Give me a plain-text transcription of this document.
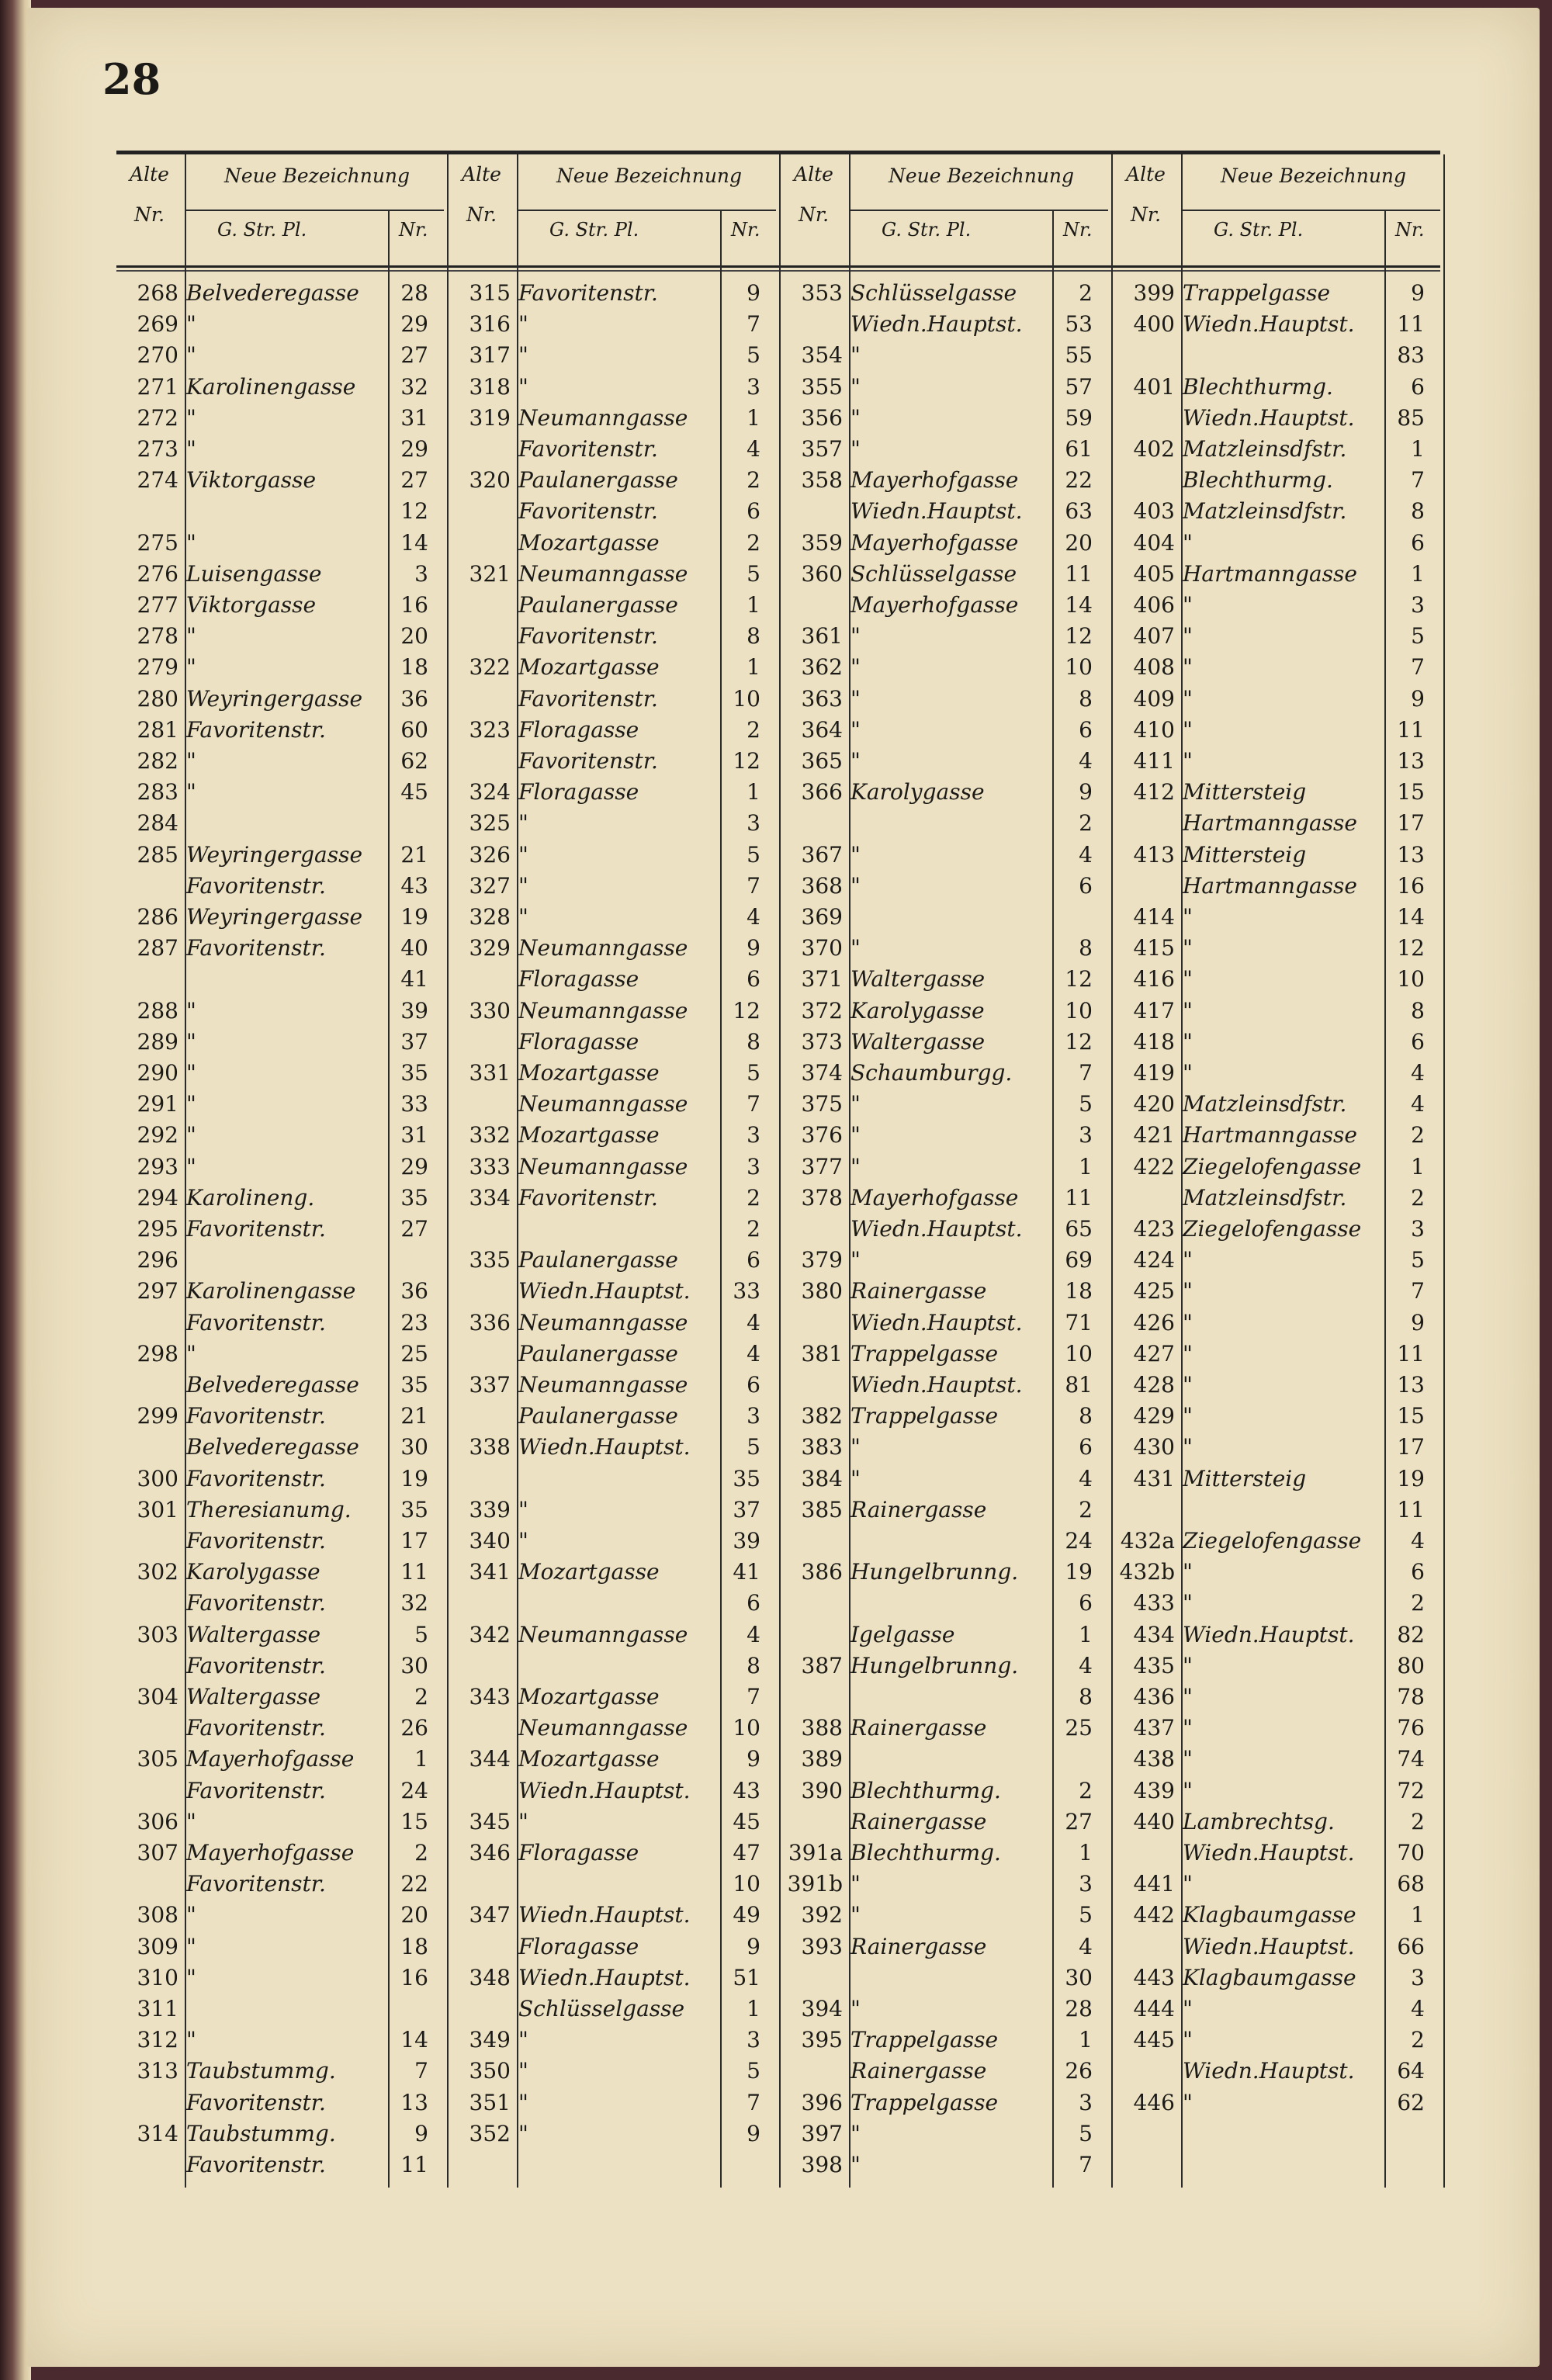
28
Alte
Nr.
Neue Bezeichnung
G. Str. Pl.	Nr.
268 Belvederegasse	28
269 "	29
270 "	27
271 Karolinengasse	32
272 "	31
273 "	29
274 Viktorgasse	27
12
275 "	14
276 Luisengasse	3
277 Viktorgasse	16
278 "	20
279 "	18
280 Weyringergasse	36
281 Favoritenstr.	60
282 "	62
283 "	45
284
285 Weyringergasse	21
Favoritenstr.	43
286 Weyringergasse	19
287 Favoritenstr.	40
41
288 "	39
289 "	37
290 "	35
291 "	33
292 "	31
293 "	29
294 Karolineng.	35
295 Favoritenstr.	27
296
297 Karolinengasse	36
Favoritenstr.	23
298 "	25
Belvederegasse	35
299 Favoritenstr.	21
Belvederegasse	30
300 Favoritenstr.	19
301 Theresianumg.	35
Favoritenstr.	17
302 Karolygasse	11
Favoritenstr.	32
303 Waltergasse	5
Favoritenstr.	30
304 Waltergasse	2
Favoritenstr.	26
305 Mayerhofgasse	1
Favoritenstr.	24
306 "	15
307 Mayerhofgasse	2
Favoritenstr.	22
308 "	20
309 "	18
310 "	16
311
312 "	14
313 Taubstummg.	7
Favoritenstr.	13
314 Taubstummg.	9
Favoritenstr.	11
Alte
Nr.
Neue Bezeichnung
G. Str. Pl.	Nr.
315 Favoritenstr.	9
316 "	7
317 "	5
318 "	3
319 Neumanngasse	1
Favoritenstr.	4
320 Paulanergasse	2
Favoritenstr.	6
Mozartgasse	2
321 Neumanngasse	5
Paulanergasse	1
Favoritenstr.	8
322 Mozartgasse	1
Favoritenstr.	10
323 Floragasse	2
Favoritenstr.	12
324 Floragasse	1
325 "	3
326 "	5
327 "	7
328 "	4
329 Neumanngasse	9
Floragasse	6
330 Neumanngasse	12
Floragasse	8
331 Mozartgasse	5
Neumanngasse	7
332 Mozartgasse	3
333 Neumanngasse	3
334 Favoritenstr.	2
2
335 Paulanergasse	6
Wiedn.Hauptst.	33
336 Neumanngasse	4
Paulanergasse	4
337 Neumanngasse	6
Paulanergasse	3
338 Wiedn.Hauptst.	5
35
339 "	37
340 "	39
341 Mozartgasse	41
6
342 Neumanngasse	4
8
343 Mozartgasse	7
Neumanngasse	10
344 Mozartgasse	9
Wiedn.Hauptst.	43
345 "	45
346 Floragasse	47
10
347 Wiedn.Hauptst.	49
Floragasse	9
348 Wiedn.Hauptst.	51
Schlüsselgasse	1
349 "	3
350 "	5
351 "	7
352 "	9
Alte
Nr.
Neue Bezeichnung
G. Str. Pl.	Nr.
353 Schlüsselgasse	2
Wiedn.Hauptst.	53
354 "	55
355 "	57
356 "	59
357 "	61
358 Mayerhofgasse	22
Wiedn.Hauptst.	63
359 Mayerhofgasse	20
360 Schlüsselgasse	11
Mayerhofgasse	14
361 "	12
362 "	10
363 "	8
364 "	6
365 "	4
366 Karolygasse	9
2
367 "	4
368 "	6
369
370 "	8
371 Waltergasse	12
372 Karolygasse	10
373 Waltergasse	12
374 Schaumburgg.	7
375 "	5
376 "	3
377 "	1
378 Mayerhofgasse	11
Wiedn.Hauptst.	65
379 "	69
380 Rainergasse	18
Wiedn.Hauptst.	71
381 Trappelgasse	10
Wiedn.Hauptst.	81
382 Trappelgasse	8
383 "	6
384 "	4
385 Rainergasse	2
24
386 Hungelbrunng.	19
6
Igelgasse	1
387 Hungelbrunng.	4
8
388 Rainergasse	25
389
390 Blechthurmg.	2
Rainergasse	27
391a Blechthurmg.	1
391b "	3
392 "	5
393 Rainergasse	4
30
394 "	28
395 Trappelgasse	1
Rainergasse	26
396 Trappelgasse	3
397 "	5
398 "	7
Alte
Nr.
Neue Bezeichnung
G. Str. Pl.	Nr.
399 Trappelgasse	9
400 Wiedn.Hauptst.	11
83
401 Blechthurmg.	6
Wiedn.Hauptst.	85
402 Matzleinsdfstr.	1
Blechthurmg.	7
403 Matzleinsdfstr.	8
404 "	6
405 Hartmanngasse	1
406 "	3
407 "	5
408 "	7
409 "	9
410 "	11
411 "	13
412 Mittersteig	15
Hartmanngasse	17
413 Mittersteig	13
Hartmanngasse	16
414 "	14
415 "	12
416 "	10
417 "	8
418 "	6
419 "	4
420 Matzleinsdfstr.	4
421 Hartmanngasse	2
422 Ziegelofengasse	1
Matzleinsdfstr.	2
423 Ziegelofengasse	3
424 "	5
425 "	7
426 "	9
427 "	11
428 "	13
429 "	15
430 "	17
431 Mittersteig	19
11
432a Ziegelofengasse	4
432b "	6
433 "	2
434 Wiedn.Hauptst.	82
435 "	80
436 "	78
437 "	76
438 "	74
439 "	72
440 Lambrechtsg.	2
Wiedn.Hauptst.	70
441 "	68
442 Klagbaumgasse	1
Wiedn.Hauptst.	66
443 Klagbaumgasse	3
444 "	4
445 "	2
Wiedn.Hauptst.	64
446 "	62
